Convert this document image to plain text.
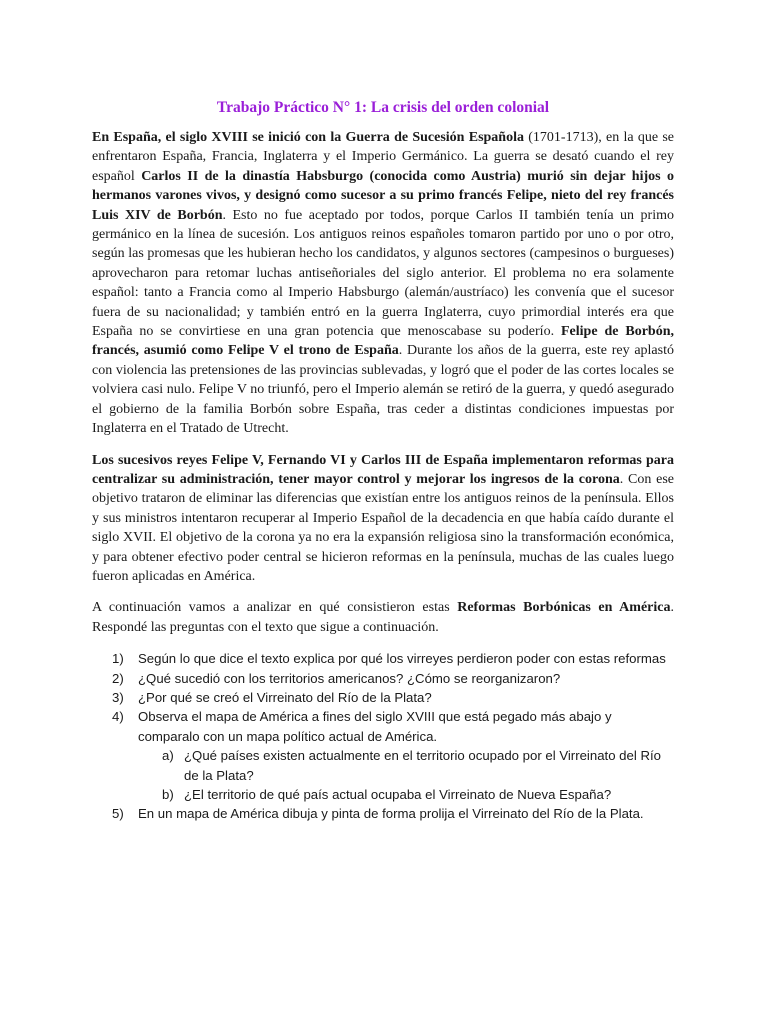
Trabajo Práctico N° 1: La crisis del orden colonial

En España, el siglo XVIII se inició con la Guerra de Sucesión Española (1701-1713), en la que se enfrentaron España, Francia, Inglaterra y el Imperio Germánico. La guerra se desató cuando el rey español Carlos II de la dinastía Habsburgo (conocida como Austria) murió sin dejar hijos o hermanos varones vivos, y designó como sucesor a su primo francés Felipe, nieto del rey francés Luis XIV de Borbón. Esto no fue aceptado por todos, porque Carlos II también tenía un primo germánico en la línea de sucesión. Los antiguos reinos españoles tomaron partido por uno o por otro, según las promesas que les hubieran hecho los candidatos, y algunos sectores (campesinos o burgueses) aprovecharon para retomar luchas antiseñoriales del siglo anterior. El problema no era solamente español: tanto a Francia como al Imperio Habsburgo (alemán/austríaco) les convenía que el sucesor fuera de su nacionalidad; y también entró en la guerra Inglaterra, cuyo primordial interés era que España no se convirtiese en una gran potencia que menoscabase su poderío. Felipe de Borbón, francés, asumió como Felipe V el trono de España. Durante los años de la guerra, este rey aplastó con violencia las pretensiones de las provincias sublevadas, y logró que el poder de las cortes locales se volviera casi nulo. Felipe V no triunfó, pero el Imperio alemán se retiró de la guerra, y quedó asegurado el gobierno de la familia Borbón sobre España, tras ceder a distintas condiciones impuestas por Inglaterra en el Tratado de Utrecht.

Los sucesivos reyes Felipe V, Fernando VI y Carlos III de España implementaron reformas para centralizar su administración, tener mayor control y mejorar los ingresos de la corona. Con ese objetivo trataron de eliminar las diferencias que existían entre los antiguos reinos de la península. Ellos y sus ministros intentaron recuperar al Imperio Español de la decadencia en que había caído durante el siglo XVII. El objetivo de la corona ya no era la expansión religiosa sino la transformación económica, y para obtener efectivo poder central se hicieron reformas en la península, muchas de las cuales luego fueron aplicadas en América.

A continuación vamos a analizar en qué consistieron estas Reformas Borbónicas en América. Respondé las preguntas con el texto que sigue a continuación.

1) Según lo que dice el texto explica por qué los virreyes perdieron poder con estas reformas
2) ¿Qué sucedió con los territorios americanos? ¿Cómo se reorganizaron?
3) ¿Por qué se creó el Virreinato del Río de la Plata?
4) Observa el mapa de América a fines del siglo XVIII que está pegado más abajo y comparalo con un mapa político actual de América.
a) ¿Qué países existen actualmente en el territorio ocupado por el Virreinato del Río de la Plata?
b) ¿El territorio de qué país actual ocupaba el Virreinato de Nueva España?
5) En un mapa de América dibuja y pinta de forma prolija el Virreinato del Río de la Plata.
